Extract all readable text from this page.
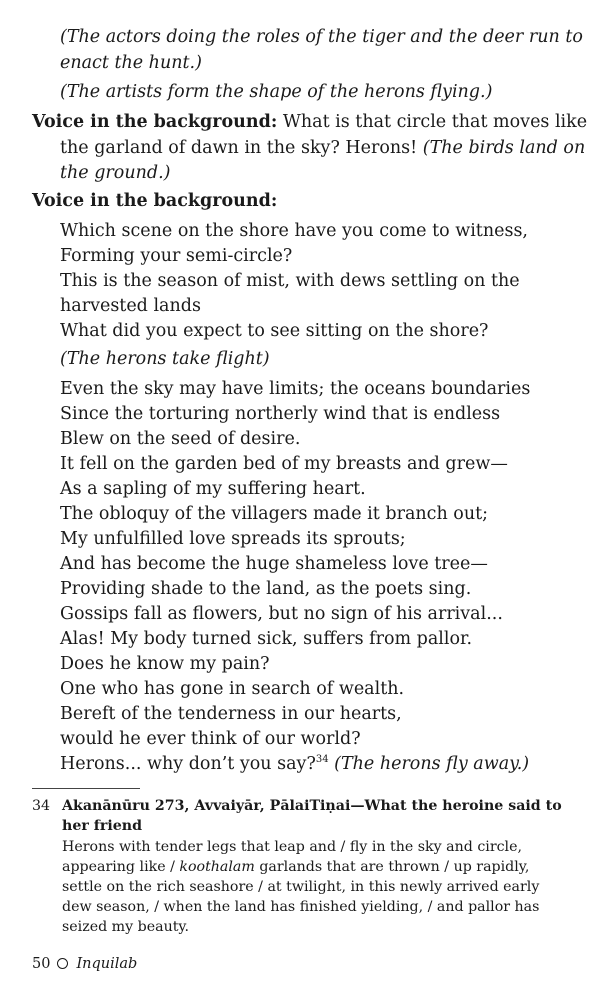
(The actors doing the roles of the tiger and the deer run to
enact the hunt.)
(The artists form the shape of the herons flying.)
Voice in the background: What is that circle that moves like
the garland of dawn in the sky? Herons! (The birds land on
the ground.)
Voice in the background:
Which scene on the shore have you come to witness,
Forming your semi-circle?
This is the season of mist, with dews settling on the
harvested lands
What did you expect to see sitting on the shore?
(The herons take flight)
Even the sky may have limits; the oceans boundaries
Since the torturing northerly wind that is endless
Blew on the seed of desire.
It fell on the garden bed of my breasts and grew—
As a sapling of my suffering heart.
The obloquy of the villagers made it branch out;
My unfulfilled love spreads its sprouts;
And has become the huge shameless love tree—
Providing shade to the land, as the poets sing.
Gossips fall as flowers, but no sign of his arrival...
Alas! My body turned sick, suffers from pallor.
Does he know my pain?
One who has gone in search of wealth.
Bereft of the tenderness in our hearts,
would he ever think of our world?
Herons... why don’t you say?$^{34}$ (The herons fly away.)
34 Akanānūru 273, Avvaiyār, PālaiTiṇai—What the heroine said to
her friend
Herons with tender legs that leap and / fly in the sky and circle,
appearing like / koothalam garlands that are thrown / up rapidly,
settle on the rich seashore / at twilight, in this newly arrived early
dew season, / when the land has finished yielding, / and pallor has
seized my beauty.
50 Inquilab
